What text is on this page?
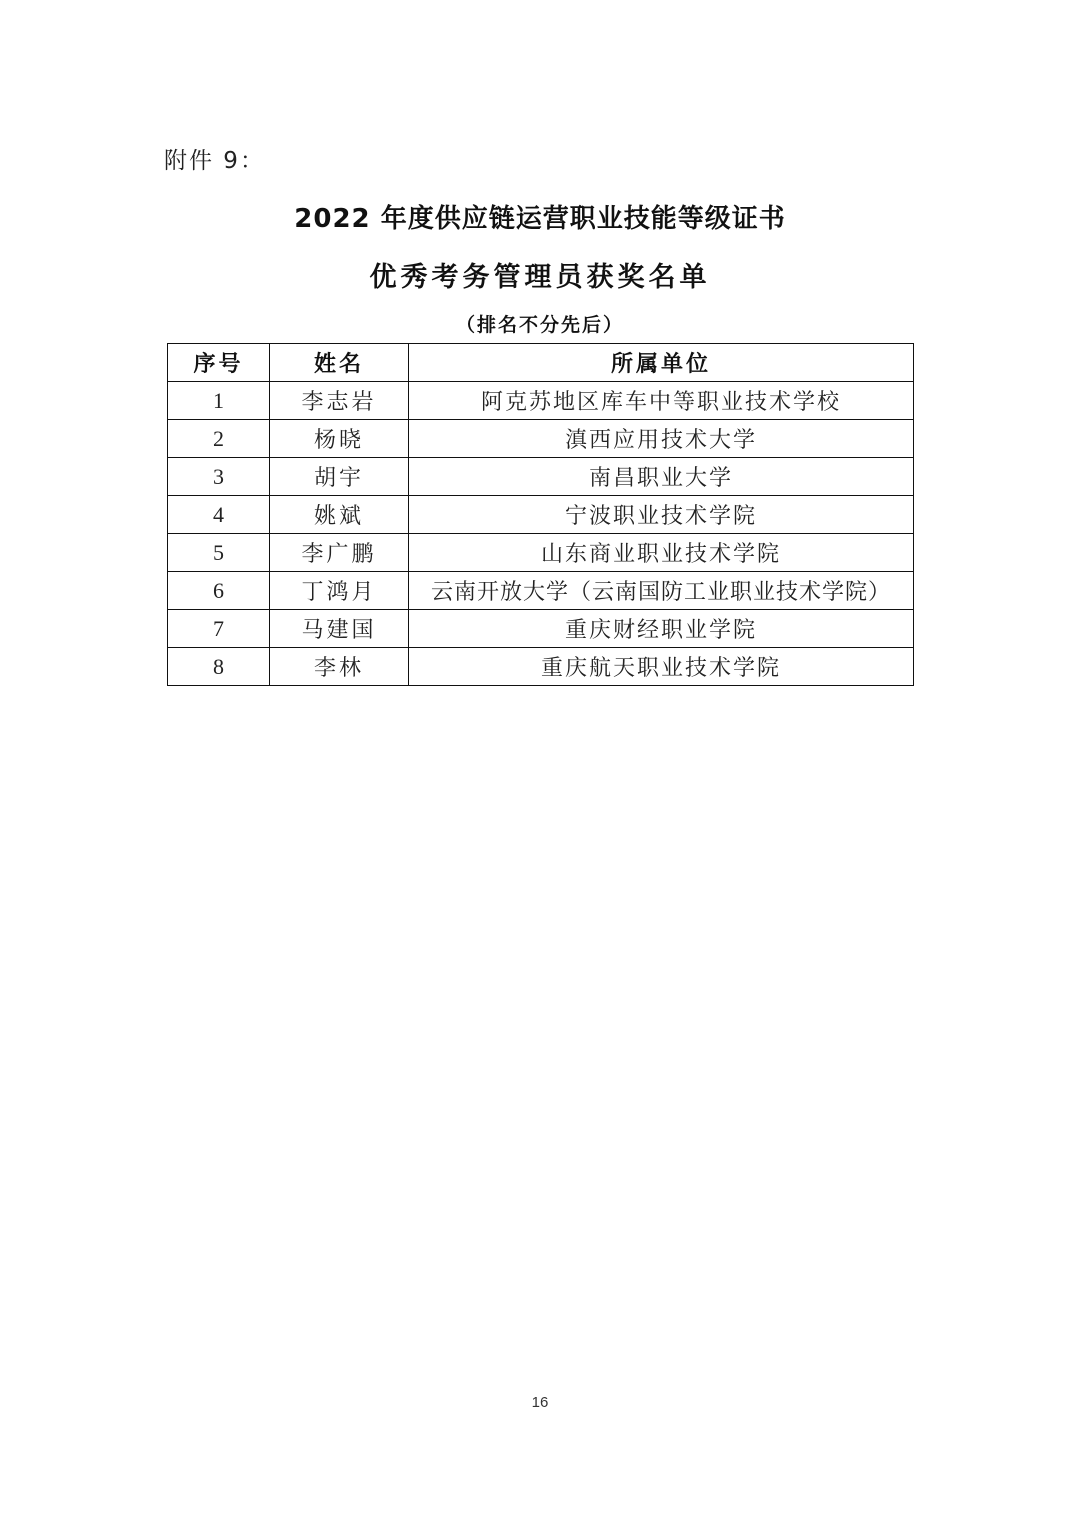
附件 9：
2022 年度供应链运营职业技能等级证书
优秀考务管理员获奖名单
（排名不分先后）
序号	姓名	所属单位
1	李志岩	阿克苏地区库车中等职业技术学校
2	杨晓	滇西应用技术大学
3	胡宇	南昌职业大学
4	姚斌	宁波职业技术学院
5	李广鹏	山东商业职业技术学院
6	丁鸿月	云南开放大学（云南国防工业职业技术学院）
7	马建国	重庆财经职业学院
8	李林	重庆航天职业技术学院
16
